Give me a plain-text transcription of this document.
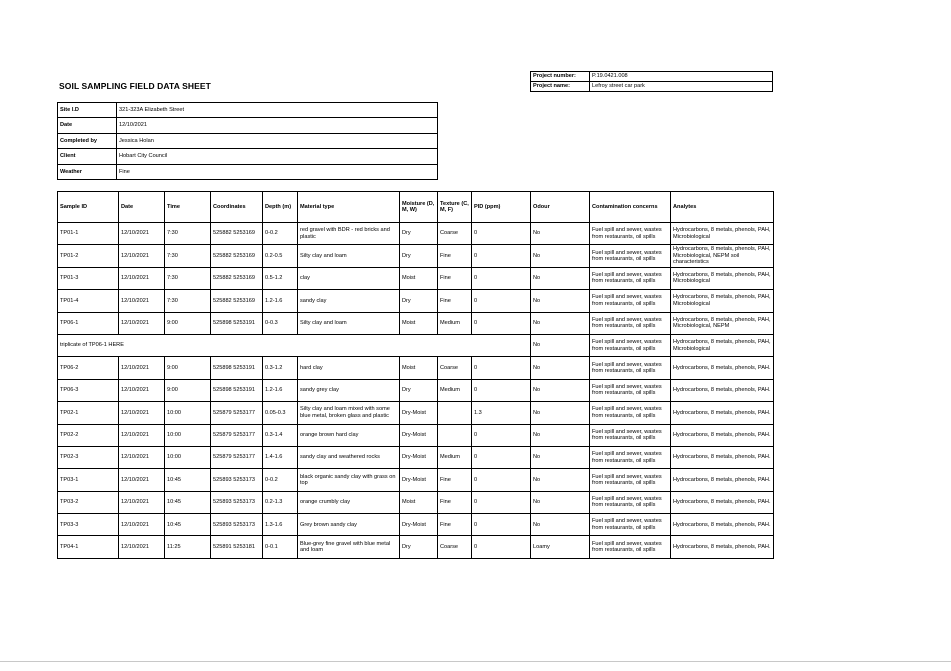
SOIL SAMPLING FIELD DATA SHEET
Project number:	P.19.0421.008
Project name:	Lefroy street car park
Site I.D	321-323A Elizabeth Street
Date	12/10/2021
Completed by	Jessica Holan
Client	Hobart City Council
Weather	Fine
Sample ID	Date	Time	Coordinates	Depth (m)	Material type	Moisture (D, M, W)	Texture (C, M, F)	PID (ppm)	Odour	Contamination concerns	Analytes
TP01-1	12/10/2021	7:30	525882 5253169	0-0.2	red gravel with BDR - red bricks and plastic	Dry	Coarse	0	No	Fuel spill and sewer, wastes from restaurants, oil spills	Hydrocarbons, 8 metals, phenols, PAH, Microbiological
TP01-2	12/10/2021	7:30	525882 5253169	0.2-0.5	Silty clay and loam	Dry	Fine	0	No	Fuel spill and sewer, wastes from restaurants, oil spills	Hydrocarbons, 8 metals, phenols, PAH, Microbiological, NEPM soil characteristics
TP01-3	12/10/2021	7:30	525882 5253169	0.5-1.2	clay	Moist	Fine	0	No	Fuel spill and sewer, wastes from restaurants, oil spills	Hydrocarbons, 8 metals, phenols, PAH, Microbiological
TP01-4	12/10/2021	7:30	525882 5253169	1.2-1.6	sandy clay	Dry	Fine	0	No	Fuel spill and sewer, wastes from restaurants, oil spills	Hydrocarbons, 8 metals, phenols, PAH, Microbiological
TP06-1	12/10/2021	9:00	525898 5253191	0-0.3	Silty clay and loam	Moist	Medium	0	No	Fuel spill and sewer, wastes from restaurants, oil spills	Hydrocarbons, 8 metals, phenols, PAH, Microbiological, NEPM
triplicate of TP06-1 HERE									No	Fuel spill and sewer, wastes from restaurants, oil spills	Hydrocarbons, 8 metals, phenols, PAH, Microbiological
TP06-2	12/10/2021	9:00	525898 5253191	0.3-1.2	hard clay	Moist	Coarse	0	No	Fuel spill and sewer, wastes from restaurants, oil spills	Hydrocarbons, 8 metals, phenols, PAH.
TP06-3	12/10/2021	9:00	525898 5253191	1.2-1.6	sandy grey clay	Dry	Medium	0	No	Fuel spill and sewer, wastes from restaurants, oil spills	Hydrocarbons, 8 metals, phenols, PAH.
TP02-1	12/10/2021	10:00	525879 5253177	0.05-0.3	Silty clay and loam mixed with some blue metal, broken glass and plastic	Dry-Moist		1.3	No	Fuel spill and sewer, wastes from restaurants, oil spills	Hydrocarbons, 8 metals, phenols, PAH.
TP02-2	12/10/2021	10:00	525879 5253177	0.3-1.4	orange brown hard clay	Dry-Moist		0	No	Fuel spill and sewer, wastes from restaurants, oil spills	Hydrocarbons, 8 metals, phenols, PAH.
TP02-3	12/10/2021	10:00	525879 5253177	1.4-1.6	sandy clay and weathered rocks	Dry-Moist	Medium	0	No	Fuel spill and sewer, wastes from restaurants, oil spills	Hydrocarbons, 8 metals, phenols, PAH.
TP03-1	12/10/2021	10:45	525893 5253173	0-0.2	black organic sandy clay with grass on top	Dry-Moist	Fine	0	No	Fuel spill and sewer, wastes from restaurants, oil spills	Hydrocarbons, 8 metals, phenols, PAH.
TP03-2	12/10/2021	10:45	525893 5253173	0.2-1.3	orange crumbly clay	Moist	Fine	0	No	Fuel spill and sewer, wastes from restaurants, oil spills	Hydrocarbons, 8 metals, phenols, PAH.
TP03-3	12/10/2021	10:45	525893 5253173	1.3-1.6	Grey brown sandy clay	Dry-Moist	Fine	0	No	Fuel spill and sewer, wastes from restaurants, oil spills	Hydrocarbons, 8 metals, phenols, PAH.
TP04-1	12/10/2021	11:25	525891 5253181	0-0.1	Blue-grey fine gravel with blue metal and loam	Dry	Coarse	0	Loamy	Fuel spill and sewer, wastes from restaurants, oil spills	Hydrocarbons, 8 metals, phenols, PAH.
